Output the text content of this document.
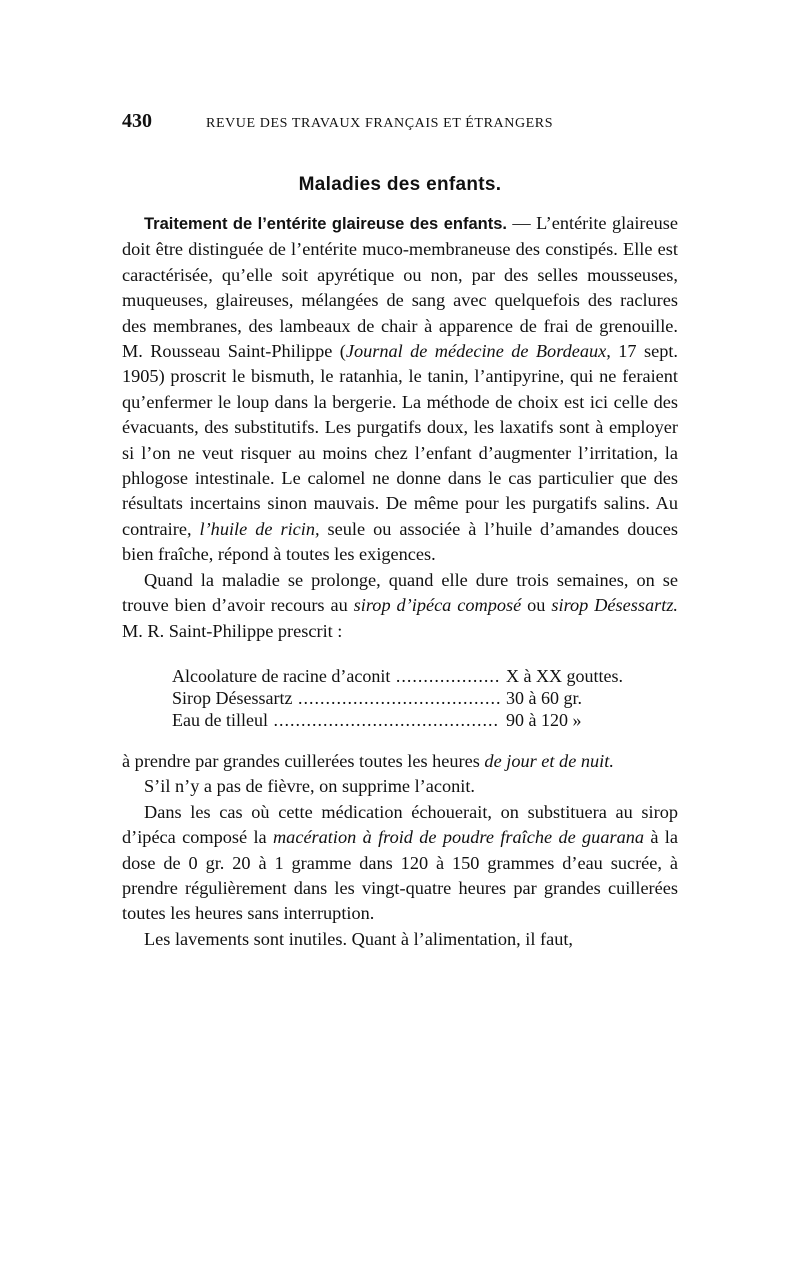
430	REVUE DES TRAVAUX FRANÇAIS ET ÉTRANGERS
Maladies des enfants.

Traitement de l’entérite glaireuse des enfants. — L’entérite glaireuse doit être distinguée de l’entérite muco-membraneuse des constipés. Elle est caractérisée, qu’elle soit apyrétique ou non, par des selles mousseuses, muqueuses, glaireuses, mélangées de sang avec quelquefois des raclures des membranes, des lambeaux de chair à apparence de frai de grenouille. M. Rousseau Saint-Philippe (Journal de médecine de Bordeaux, 17 sept. 1905) proscrit le bismuth, le ratanhia, le tanin, l’antipyrine, qui ne feraient qu’enfermer le loup dans la bergerie. La méthode de choix est ici celle des évacuants, des substitutifs. Les purgatifs doux, les laxatifs sont à employer si l’on ne veut risquer au moins chez l’enfant d’augmenter l’irritation, la phlogose intestinale. Le calomel ne donne dans le cas particulier que des résultats incertains sinon mauvais. De même pour les purgatifs salins. Au contraire, l’huile de ricin, seule ou associée à l’huile d’amandes douces bien fraîche, répond à toutes les exigences.

Quand la maladie se prolonge, quand elle dure trois semaines, on se trouve bien d’avoir recours au sirop d’ipéca composé ou sirop Désessartz. M. R. Saint-Philippe prescrit :

Alcoolature de racine d’aconit .....	X à XX gouttes.
Sirop Désessartz .....	30 à 60 gr.
Eau de tilleul .....	90 à 120 »

à prendre par grandes cuillerées toutes les heures de jour et de nuit.

S’il n’y a pas de fièvre, on supprime l’aconit.

Dans les cas où cette médication échouerait, on substituera au sirop d’ipéca composé la macération à froid de poudre fraîche de guarana à la dose de 0 gr. 20 à 1 gramme dans 120 à 150 grammes d’eau sucrée, à prendre régulièrement dans les vingt-quatre heures par grandes cuillerées toutes les heures sans interruption.

Les lavements sont inutiles. Quant à l’alimentation, il faut,
